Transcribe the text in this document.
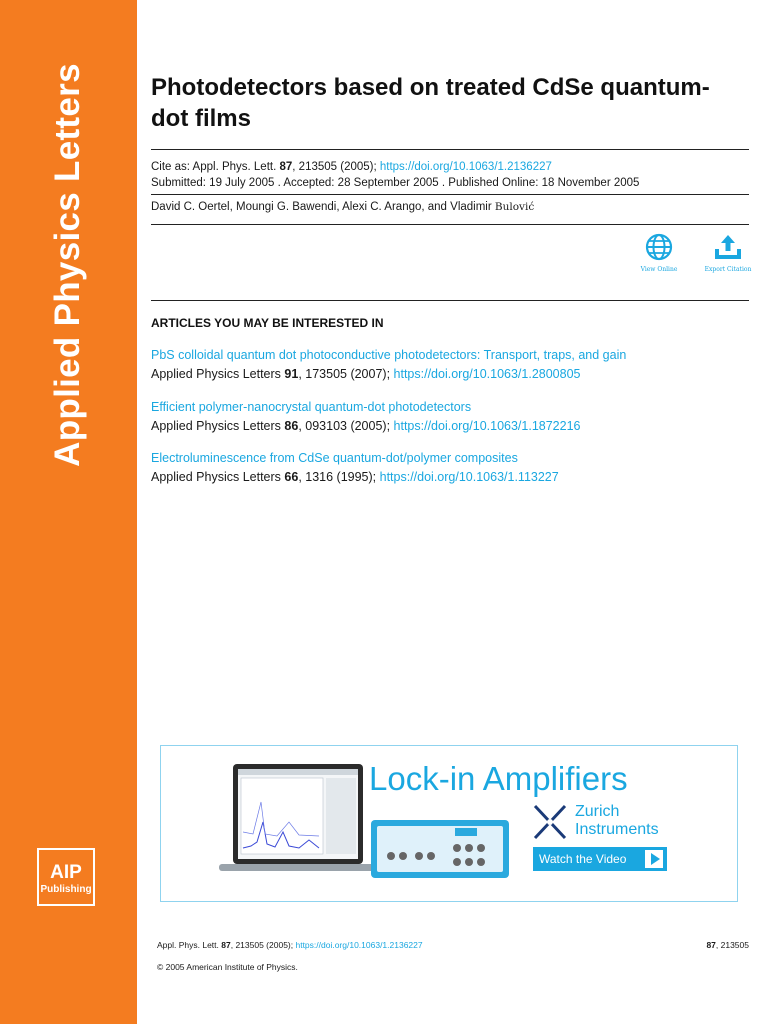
Applied Physics Letters
AIP
Publishing
Photodetectors based on treated CdSe quantum-dot films
Cite as: Appl. Phys. Lett. 87, 213505 (2005); https://doi.org/10.1063/1.2136227
Submitted: 19 July 2005 . Accepted: 28 September 2005 . Published Online: 18 November 2005
David C. Oertel, Moungi G. Bawendi, Alexi C. Arango, and Vladimir Bulović
View Online	Export Citation
ARTICLES YOU MAY BE INTERESTED IN
PbS colloidal quantum dot photoconductive photodetectors: Transport, traps, and gain
Applied Physics Letters 91, 173505 (2007); https://doi.org/10.1063/1.2800805
Efficient polymer-nanocrystal quantum-dot photodetectors
Applied Physics Letters 86, 093103 (2005); https://doi.org/10.1063/1.1872216
Electroluminescence from CdSe quantum-dot/polymer composites
Applied Physics Letters 66, 1316 (1995); https://doi.org/10.1063/1.113227
Lock-in Amplifiers
Zurich
Instruments
Watch the Video
Appl. Phys. Lett. 87, 213505 (2005); https://doi.org/10.1063/1.2136227	87, 213505
© 2005 American Institute of Physics.
